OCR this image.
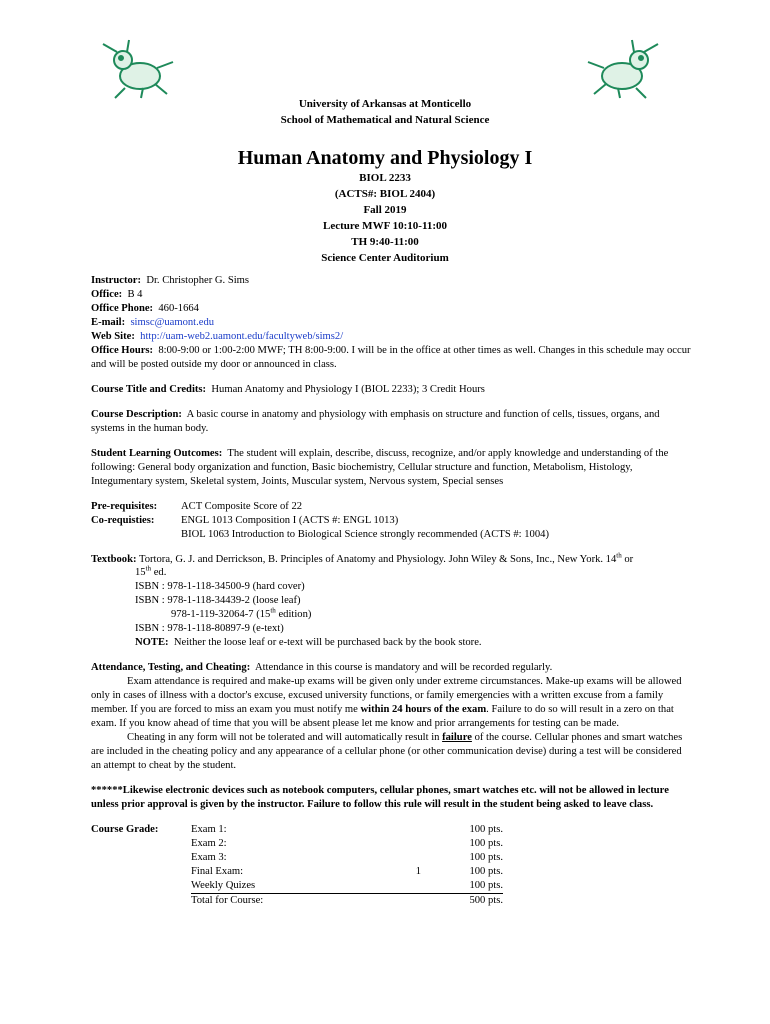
University of Arkansas at Monticello
School of Mathematical and Natural Science
Human Anatomy and Physiology I
BIOL 2233
(ACTS#: BIOL 2404)
Fall 2019
Lecture MWF 10:10-11:00
TH 9:40-11:00
Science Center Auditorium

Instructor: Dr. Christopher G. Sims

Office: B 4

Office Phone: 460-1664

E-mail: simsc@uamont.edu

Web Site: http://uam-web2.uamont.edu/facultyweb/sims2/

Office Hours: 8:00-9:00 or 1:00-2:00 MWF; TH 8:00-9:00. I will be in the office at other times as well. Changes in this schedule may occur and will be posted outside my door or announced in class.

Course Title and Credits: Human Anatomy and Physiology I (BIOL 2233); 3 Credit Hours

Course Description: A basic course in anatomy and physiology with emphasis on structure and function of cells, tissues, organs, and systems in the human body.

Student Learning Outcomes: The student will explain, describe, discuss, recognize, and/or apply knowledge and understanding of the following: General body organization and function, Basic biochemistry, Cellular structure and function, Metabolism, Histology, Integumentary system, Skeletal system, Joints, Muscular system, Nervous system, Special senses

Pre-requisites:	ACT Composite Score of 22
Co-requisties:	ENGL 1013 Composition I (ACTS #: ENGL 1013)
BIOL 1063 Introduction to Biological Science strongly recommended (ACTS #: 1004)

Textbook: Tortora, G. J. and Derrickson, B. Principles of Anatomy and Physiology. John Wiley & Sons, Inc., New York. 14th or

15th ed.
ISBN : 978-1-118-34500-9 (hard cover)
ISBN : 978-1-118-34439-2 (loose leaf)
978-1-119-32064-7 (15th edition)
ISBN : 978-1-118-80897-9 (e-text)
NOTE: Neither the loose leaf or e-text will be purchased back by the book store.

Attendance, Testing, and Cheating: Attendance in this course is mandatory and will be recorded regularly.

Exam attendance is required and make-up exams will be given only under extreme circumstances. Make-up exams will be allowed only in cases of illness with a doctor's excuse, excused university functions, or family emergencies with a written excuse from a family member. If you are forced to miss an exam you must notify me within 24 hours of the exam. Failure to do so will result in a zero on that exam. If you know ahead of time that you will be absent please let me know and prior arrangements for testing can be made.

Cheating in any form will not be tolerated and will automatically result in failure of the course. Cellular phones and smart watches are included in the cheating policy and any appearance of a cellular phone (or other communication devise) during a test will be considered an attempt to cheat by the student.

******Likewise electronic devices such as notebook computers, cellular phones, smart watches etc. will not be allowed in lecture unless prior approval is given by the instructor. Failure to follow this rule will result in the student being asked to leave class.

Course Grade:	Exam 1:	100 pts.
Exam 2:	100 pts.
Exam 3:	100 pts.
Final Exam:	1	100 pts.
Weekly Quizes	100 pts.
Total for Course:	500 pts.
